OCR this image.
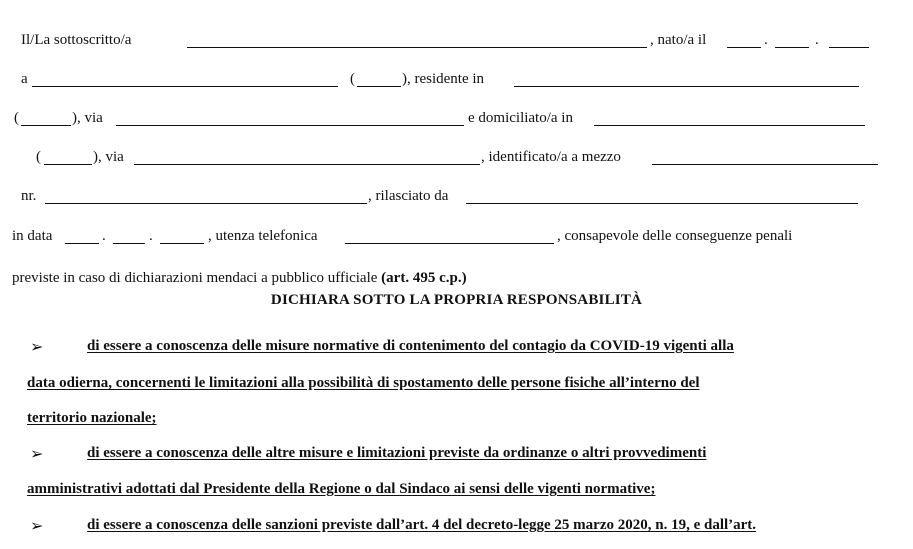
Il/La sottoscritto/a	, nato/a il	.	.
a	(	), residente in
(	), via	e domiciliato/a in
(	), via	, identificato/a a mezzo
nr.	, rilasciato da
in data	.	.	, utenza telefonica	, consapevole delle conseguenze penali
previste in caso di dichiarazioni mendaci a pubblico ufficiale (art. 495 c.p.)
DICHIARA SOTTO LA PROPRIA RESPONSABILITÀ
➢	di essere a conoscenza delle misure normative di contenimento del contagio da COVID-19 vigenti alla
data odierna, concernenti le limitazioni alla possibilità di spostamento delle persone fisiche all’interno del
territorio nazionale;
➢	di essere a conoscenza delle altre misure e limitazioni previste da ordinanze o altri provvedimenti
amministrativi adottati dal Presidente della Regione o dal Sindaco ai sensi delle vigenti normative;
➢	di essere a conoscenza delle sanzioni previste dall’art. 4 del decreto-legge 25 marzo 2020, n. 19, e dall’art.
